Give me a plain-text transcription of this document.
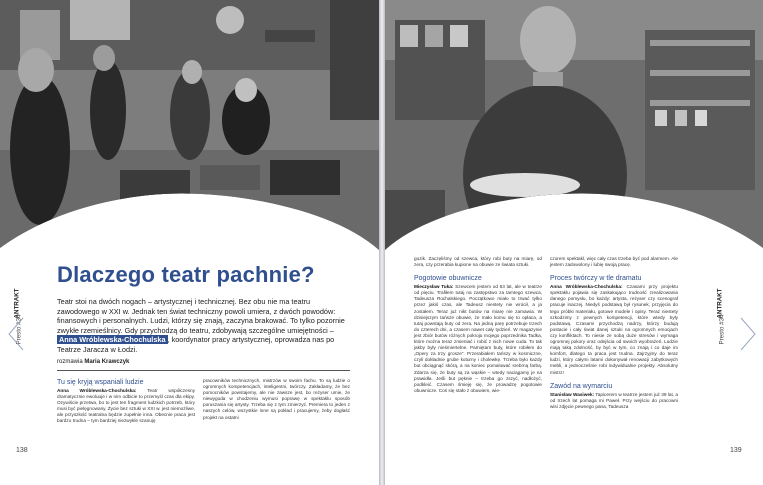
Dlaczego teatr pachnie?
Teatr stoi na dwóch nogach – artystycznej i technicznej. Bez obu nie ma teatru zawodowego w XXI w. Jednak ten świat techniczny powoli umiera, z dwóch powodów: finansowych i personalnych. Ludzi, którzy się znają, zaczyna brakować. To tylko pozornie zwykłe rzemieślnicy. Gdy przychodzą do teatru, zdobywają szczególne umiejętności – Anna Wróblewska-Chochulska , koordynator pracy artystycznej, oprowadza nas po Teatrze Jaracza w Łodzi.
rozmawia Maria Krawczyk
Tu się kryją wspaniali ludzie

Anna Wróblewska-Chochulska: Teatr współczesny dramatycznie ewoluuje i w nim odbicie to przemyśl czas dla ekipy. Ozywiście przetwa, bo to jest ten fragment ludzkich potrzeb, który musi być pielęgnowany. Życie bez sztuki w XXI w. jest niemożliwe, ale przyszłość teatralna będzie zupełnie inna. Obecnie praca jest bardzo trudna – tym bardziej niezwykle szanuję

pracowników technicznych, mistrzów w swoim fachu. To są ludzie o ogromnych kompetencjach, inteligentni, twórczy. Zakładamy, że bez pomocników powstajemy, ale nie zawsze jest, bo reżyser umie, że niewygoda w chodzeniu wymusi poprawę w spektaklu sposób poruszania się artysty. Trzeba się z tym zmierzyć. Premiera to jeden z naszych celów, wszystkie inne są pokład i pracujemy, żeby dogłaść projekt na ostatni

ANTRAKT
Presto #34
138

guzik. Zaczęliśmy od szewca, który robi buty na miarę, od zera, czy przerabia kupione na obuwie ze świata sztuki.

Pogotowie obuwnicze

Mieczysław Tuka: Szewcem jestem od 53 lat, ale w teatrze od pięciu. Trafiłem tutaj na zastępstwo za tamtego szewca, Tadeusza Rochalskiego. Początkowo miało to trwać tylko przez jakiś czas, ale Tadeusz niestety nie wrócił, a ja zostałem. Teraz już nikt butów na miarę nie zamawia. W dzisiejszym tańsze obuwie, że mało komu się to opłaca, a tutaj powstają buty od zera. Na jedną parę potrzebuje trzech do czterech dni, a czasem nawet cały tydzień. W magazynie jest zbiór butów różnych pokroju mojego poprzednika Tadka, które można teraz zmieniać i robić z nich nowe cuda. To tak jakby były nieśmiertelne. Pamiętam buty, które robiłem do „Opery za trzy grosze”. Przerabiałem tańszy w kosmiczne, czyli dokładnie grube koturny i cholewkę. Trzeba było każdy but obciągnąć skórą, a na koniec pomalować srebrną farbą. Zdarza się, że buty są za wąskie – wtedy naciągamy je na prawidła. Jeśli but pęknie – trzeba go zszyć, nadłożyć, podkleić. Czasem śmieję się, że prowadzę pogotowie obuwnicze. Coś się stało z obuwiem, wie-

czorem spektakl, więc cały czas trzeba być pod alarmem. Ale jestem zadowolony i lubię swoją pracę.

Proces twórczy w tle dramatu

Anna Wróblewska-Chochulska: Czasami przy projektu spektaklu pojawia się zaskakująco trudność zrealizowania danego pomysłu, bo każdy: artysta, reżyser czy scenograf pracuje inaczej. Niedyś podstawą był rysunek, przyjęcia do tego próbki materiału, gotowe modele i opisy. Teraz niestety szkodzimy z pewnych kompetencji, które wtedy były podstawą. Czasami przychodzą nadrzy, którzy budują postacie i cały świat danej sztuki na ogromnych emocjach czy konfliktach. To niesie ze sobą duże stresów i wymaga ogromnej pokory oraz odejścia od swoich wyobrażeń. Ludzie mają taką zdolność, by być w tym, co znają i co daje im komfort, dlatego ta praca jest trudna. Zajrzyjmy do teraz ludzi, który całymi latami dokonywał renowacji zabytkowych mebli, a jednocześnie robi indywidualne projekty. Absolutny mistrz!

Zawód na wymarciu

Stanisław Wasiwek: Tapicerem w teatrze jestem już 39 lat, a od trzech lat pomaga mi Paweł. Przy wejściu do pracowni wisi zdjęcie pewnego pana, Tadeusza

ANTRAKT
Presto #34
139
